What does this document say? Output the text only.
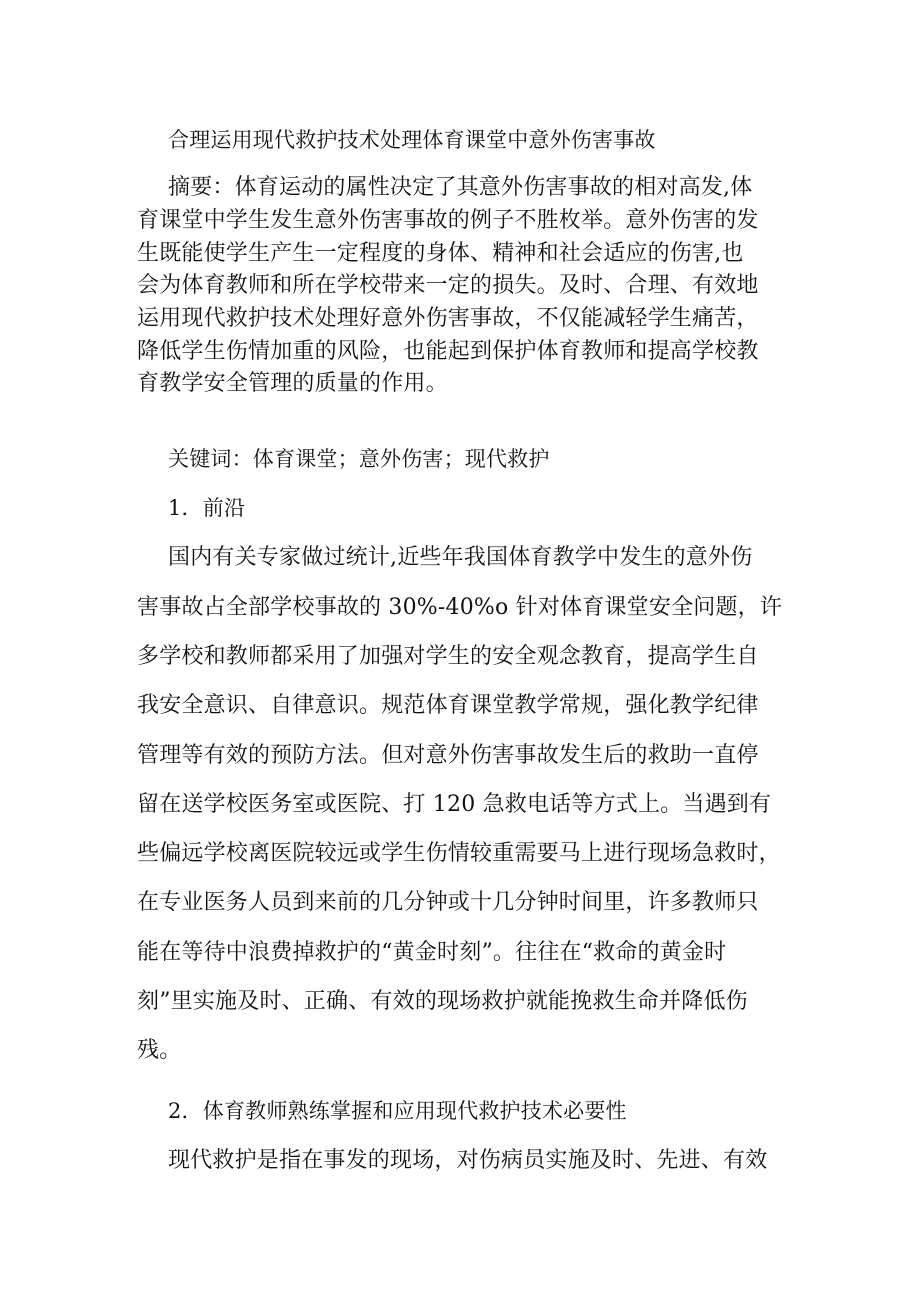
合理运用现代救护技术处理体育课堂中意外伤害事故
摘要：体育运动的属性决定了其意外伤害事故的相对高发,体
育课堂中学生发生意外伤害事故的例子不胜枚举。意外伤害的发
生既能使学生产生一定程度的身体、精神和社会适应的伤害,也
会为体育教师和所在学校带来一定的损失。及时、合理、有效地
运用现代救护技术处理好意外伤害事故，不仅能减轻学生痛苦，
降低学生伤情加重的风险，也能起到保护体育教师和提高学校教
育教学安全管理的质量的作用。
关键词：体育课堂；意外伤害；现代救护
1．前沿
国内有关专家做过统计,近些年我国体育教学中发生的意外伤
害事故占全部学校事故的 30%-40%o 针对体育课堂安全问题，许
多学校和教师都采用了加强对学生的安全观念教育，提高学生自
我安全意识、自律意识。规范体育课堂教学常规，强化教学纪律
管理等有效的预防方法。但对意外伤害事故发生后的救助一直停
留在送学校医务室或医院、打 120 急救电话等方式上。当遇到有
些偏远学校离医院较远或学生伤情较重需要马上进行现场急救时，
在专业医务人员到来前的几分钟或十几分钟时间里，许多教师只
能在等待中浪费掉救护的“黄金时刻”。往往在“救命的黄金时
刻”里实施及时、正确、有效的现场救护就能挽救生命并降低伤
残。
2．体育教师熟练掌握和应用现代救护技术必要性
现代救护是指在事发的现场，对伤病员实施及时、先进、有效
